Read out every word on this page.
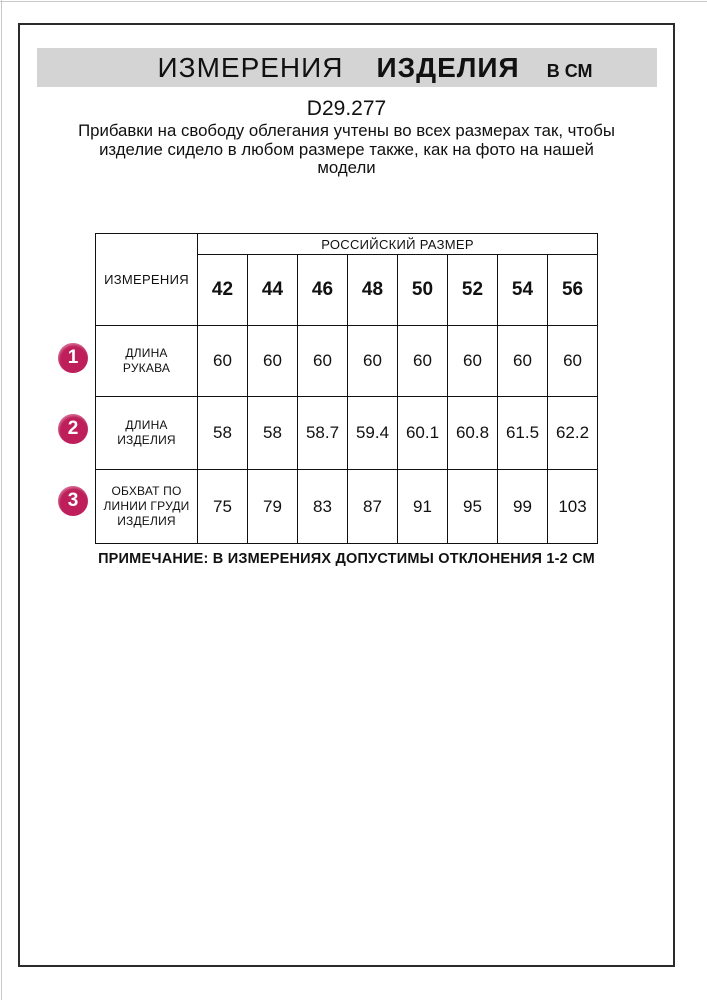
ИЗМЕРЕНИЯ ИЗДЕЛИЯ В СМ
D29.277
Прибавки на свободу облегания учтены во всех размерах так, чтобы
изделие сидело в любом размере также, как на фото на нашей
модели
ИЗМЕРЕНИЯ	РОССИЙСКИЙ РАЗМЕР							
	42	44	46	48	50	52	54	56
ДЛИНА РУКАВА	60	60	60	60	60	60	60	60
ДЛИНА ИЗДЕЛИЯ	58	58	58.7	59.4	60.1	60.8	61.5	62.2
ОБХВАТ ПО ЛИНИИ ГРУДИ ИЗДЕЛИЯ	75	79	83	87	91	95	99	103
1
2
3
ПРИМЕЧАНИЕ: В ИЗМЕРЕНИЯХ ДОПУСТИМЫ ОТКЛОНЕНИЯ 1-2 СМ
